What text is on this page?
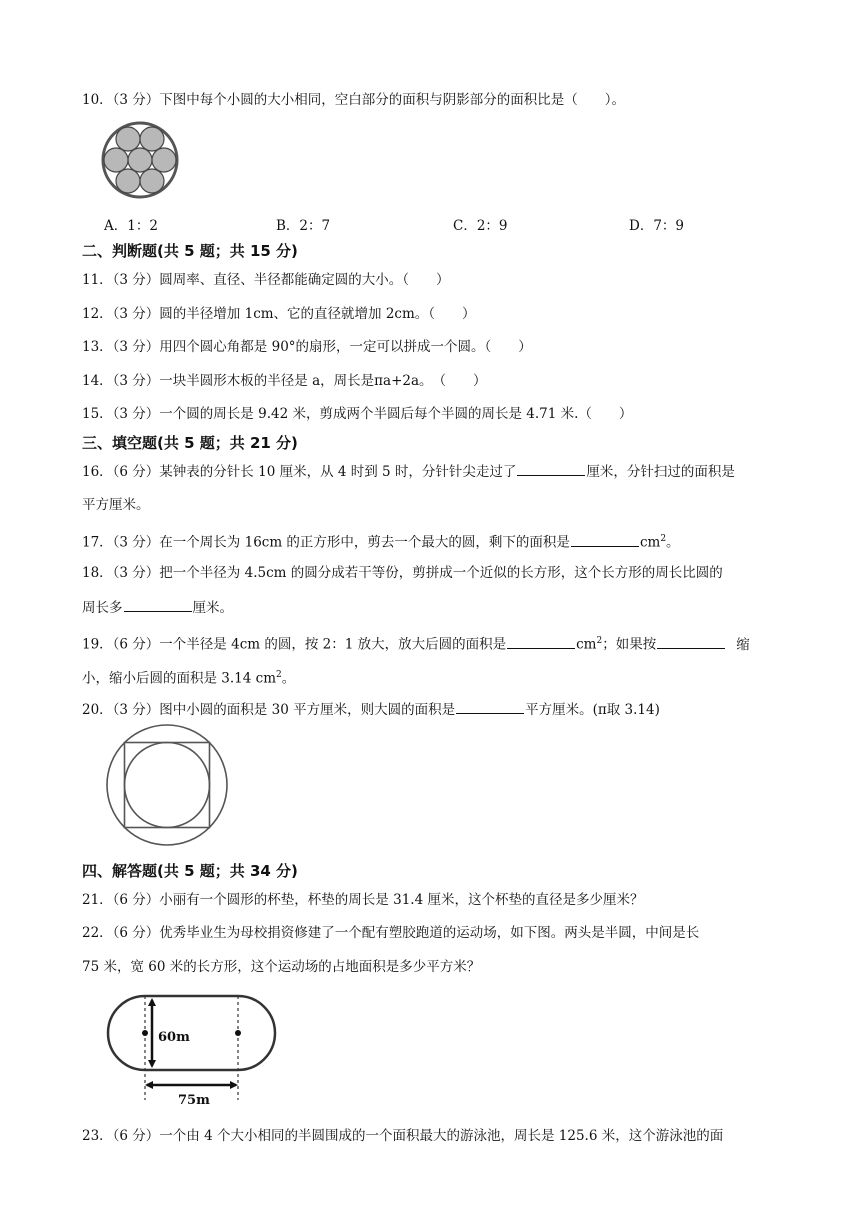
10．（3 分）下图中每个小圆的大小相同，空白部分的面积与阴影部分的面积比是（　　）。
A．1：2	B．2：7	C．2：9	D．7：9
二、判断题(共 5 题；共 15 分)
11．（3 分）圆周率、直径、半径都能确定圆的大小。（　　）
12．（3 分）圆的半径增加 1cm、它的直径就增加 2cm。（　　）
13．（3 分）用四个圆心角都是 90°的扇形，一定可以拼成一个圆。（　　）
14．（3 分）一块半圆形木板的半径是 a，周长是πa+2a。　（　　）
15．（3 分）一个圆的周长是 9.42 米，剪成两个半圆后每个半圆的周长是 4.71 米.（　　）
三、填空题(共 5 题；共 21 分)
16．（6 分）某钟表的分针长 10 厘米，从 4 时到 5 时，分针针尖走过了	厘米，分针扫过的面积是
平方厘米。
17．（3 分）在一个周长为 16cm 的正方形中，剪去一个最大的圆，剩下的面积是	$cm^2$。
18．（3 分）把一个半径为 4.5cm 的圆分成若干等份，剪拼成一个近似的长方形，这个长方形的周长比圆的
周长多	厘米。
19．（6 分）一个半径是 4cm 的圆，按 2：1 放大，放大后圆的面积是	$cm^2$；如果按	缩
小，缩小后圆的面积是 3.14 $cm^2$。
20．（3 分）图中小圆的面积是 30 平方厘米，则大圆的面积是	平方厘米。(π取 3.14)
四、解答题(共 5 题；共 34 分)
21．（6 分）小丽有一个圆形的杯垫，杯垫的周长是 31.4 厘米，这个杯垫的直径是多少厘米？
22．（6 分）优秀毕业生为母校捐资修建了一个配有塑胶跑道的运动场，如下图。两头是半圆，中间是长
75 米，宽 60 米的长方形，这个运动场的占地面积是多少平方米？
60m
75m
23．（6 分）一个由 4 个大小相同的半圆围成的一个面积最大的游泳池，周长是 125.6 米，这个游泳池的面
